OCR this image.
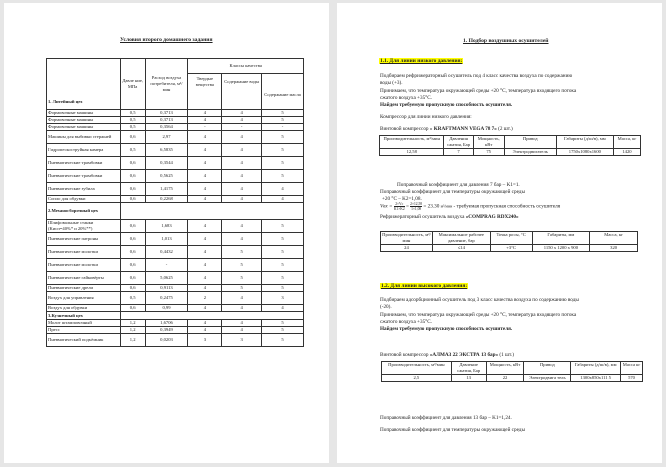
Условия второго домашнего задания
1. Литейный цех	Давле ние, МПа	Расход воздуха потребителя, м³/мин	Классы качества		
			Твердые вещества	Содержание воды	Содержание масла
Формовочные машины	0,5	0,3713	4	4	5
Формовочные машины	0,5	0,3713	4	4	5
Формовочные машины	0,5	0,3564	-	-	-
Машины для выбивки стержней	0,6	2,97	4	4	5
Гидропескоструйная камера	0,5	6,5835	4	4	5
Пневматические трамбовки	0,6	0,3544	4	4	5
Пневматические трамбовки	0,6	0,5625	4	4	5
Пневматические зубила	0,6	1,4175	4	4	4
Сопло для обдувки	0,6	0,2268	4	4	4
2.Механосборочный цех					
Шлифовальные станки (Kисп=40%* и 20%**)	0,6	1,683	4	4	5
Пневматические патроны	0,6	1,013	4	4	5
Пневматические молотки	0,6	0,4432	4	5	5
Пневматические молотки	0,6	-	4	5	5
Пневматические гайковёрты	0,6	5,0625	4	5	5
Пневматические дрели	0,6	0,9113	4	5	5
Воздух для управления	0,5	0,2475	2	4	3
Воздух для обдувки	0,6	0,99	4	4	4
3.Кузнечный цех					
Молот штамповочный	1,2	1,6706	4	4	5
Пресс	1,2	0,3949	4	4	5
Пневматический подъёмник	1,2	0,0203	3	3	5
1. Подбор воздушных осушителей
1.1. Для линии низкого давления:
Подбираем рефрижераторный осушитель под 4 класс качества воздуха по содержанию
воды (+3).
Принимаем, что температура окружающей среды +20 °С, температура входящего потока
сжатого воздуха +35°С.
Найдем требуемую пропускную способность осушителя.
Компрессор для линии низкого давления:
Винтовой компрессор « KRAFTMANN VEGA 78 7» (2 шт.)
Производительность, м³/мин	Давления сжатия, Бар	Мощность, кВт	Привод	Габариты (д/ш/в), мм	Масса, кг
12,58	7	75	Электродвигатель	1750x1080x1600	1420
Поправочный коэффициент для давления 7 бар – K1=1.
Поправочный коэффициент для температуры окружающей среды
+20 °С – K2=1,08.
Vвх = $\frac{2\times Vc}{K1\times K2} = \frac{2\times 12,58}{1\times 1,08} = 23.30$ м³/мин - требуемая пропускная способность осушителя
Рефрижераторный осушитель воздуха «COMPRAG RDX240»
Производительность, м³/мин	Максимальное рабочее давление, бар	Точка росы, °С	Габариты, мм	Масса, кг
24	≤14	+3°С	1150 x 1200 x 900	320
1.2. Для линии высокого давления:
Подбираем адсорбционный осушитель под 3 класс качества воздуха по содержанию воды
(-20).
Принимаем, что температура окружающей среды +20 °С, температура входящего потока
сжатого воздуха +35°С.
Найдем требуемую пропускную способность осушителя.
Винтовой компрессор «АЛМАЗ 22 ЭКСТРА 13 бар» (1 шт.)
Производительность, м³/мин	Давление сжатия, Бар	Мощность, кВт	Привод	Габариты (д/ш/в), мм	Масса кг
2,5	13	22	Электродвига тель	1300x850x111 5	570
Поправочный коэффициент для давления 13 бар – K1=1,24.
Поправочный коэффициент для температуры окружающей среды
